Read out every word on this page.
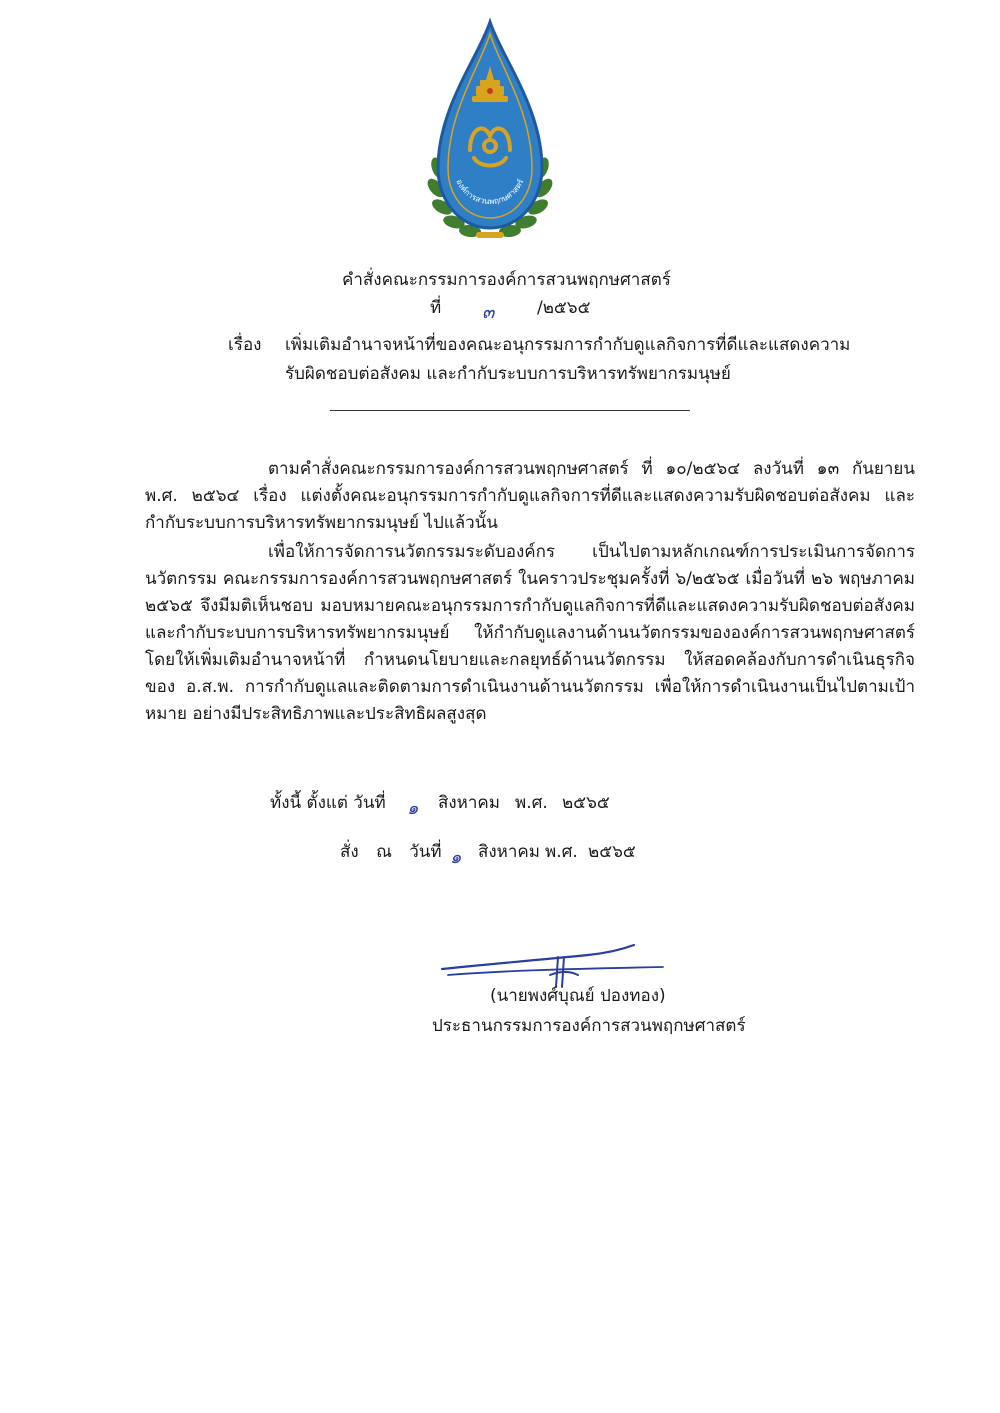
องค์การสวนพฤกษศาสตร์
คำสั่งคณะกรรมการองค์การสวนพฤกษศาสตร์
ที่ ๓	/๒๕๖๕
เรื่อง เพิ่มเติมอำนาจหน้าที่ของคณะอนุกรรมการกำกับดูแลกิจการที่ดีและแสดงความ
รับผิดชอบต่อสังคม และกำกับระบบการบริหารทรัพยากรมนุษย์

ตามคำสั่งคณะกรรมการองค์การสวนพฤกษศาสตร์ ที่ ๑๐/๒๕๖๔ ลงวันที่ ๑๓ กันยายน พ.ศ. ๒๕๖๔ เรื่อง แต่งตั้งคณะอนุกรรมการกำกับดูแลกิจการที่ดีและแสดงความรับผิดชอบต่อสังคม และกำกับระบบการบริหารทรัพยากรมนุษย์ ไปแล้วนั้น

เพื่อให้การจัดการนวัตกรรมระดับองค์กร เป็นไปตามหลักเกณฑ์การประเมินการจัดการนวัตกรรม คณะกรรมการองค์การสวนพฤกษศาสตร์ ในคราวประชุมครั้งที่ ๖/๒๕๖๕ เมื่อวันที่ ๒๖ พฤษภาคม ๒๕๖๕ จึงมีมติเห็นชอบ มอบหมายคณะอนุกรรมการกำกับดูแลกิจการที่ดีและแสดงความรับผิดชอบต่อสังคม และกำกับระบบการบริหารทรัพยากรมนุษย์ ให้กำกับดูแลงานด้านนวัตกรรมขององค์การสวนพฤกษศาสตร์ โดยให้เพิ่มเติมอำนาจหน้าที่ กำหนดนโยบายและกลยุทธ์ด้านนวัตกรรม ให้สอดคล้องกับการดำเนินธุรกิจของ อ.ส.พ. การกำกับดูแลและติดตามการดำเนินงานด้านนวัตกรรม เพื่อให้การดำเนินงานเป็นไปตามเป้าหมาย อย่างมีประสิทธิภาพและประสิทธิผลสูงสุด

ทั้งนี้ ตั้งแต่ วันที่ ๑ สิงหาคม พ.ศ. ๒๕๖๕
สั่ง ณ วันที่ ๑ สิงหาคม พ.ศ. ๒๕๖๕
(นายพงศ์บุณย์ ปองทอง)
ประธานกรรมการองค์การสวนพฤกษศาสตร์
